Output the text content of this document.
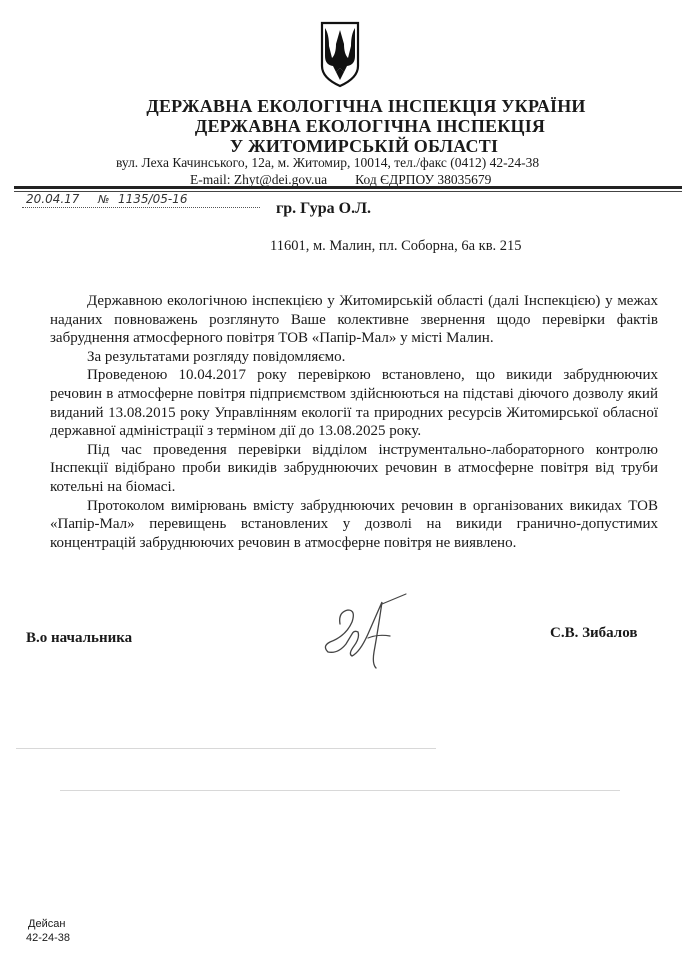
ДЕРЖАВНА ЕКОЛОГІЧНА ІНСПЕКЦІЯ УКРАЇНИ
ДЕРЖАВНА ЕКОЛОГІЧНА ІНСПЕКЦІЯ
У ЖИТОМИРСЬКІЙ ОБЛАСТІ
вул. Леха Качинського, 12а, м. Житомир, 10014, тел./факс (0412) 42-24-38
E-mail: Zhyt@dei.gov.ua Код ЄДРПОУ 38035679
20.04.17 № 1135/05-16
гр. Гура О.Л.
11601, м. Малин, пл. Соборна, 6а кв. 215

Державною екологічною інспекцією у Житомирській області (далі Інспекцією) у межах наданих повноважень розглянуто Ваше колективне звернення щодо перевірки фактів забруднення атмосферного повітря ТОВ «Папір-Мал» у місті Малин.

За результатами розгляду повідомляємо.

Проведеною 10.04.2017 року перевіркою встановлено, що викиди забруднюючих речовин в атмосферне повітря підприємством здійснюються на підставі діючого дозволу який виданий 13.08.2015 року Управлінням екології та природних ресурсів Житомирської обласної державної адміністрації з терміном дії до 13.08.2025 року.

Під час проведення перевірки відділом інструментально-лабораторного контролю Інспекції відібрано проби викидів забруднюючих речовин в атмосферне повітря від труби котельні на біомасі.

Протоколом вимірювань вмісту забруднюючих речовин в організованих викидах ТОВ «Папір-Мал» перевищень встановлених у дозволі на викиди гранично-допустимих концентрацій забруднюючих речовин в атмосферне повітря не виявлено.

В.о начальника	С.В. Зибалов
Дейсан
42-24-38
